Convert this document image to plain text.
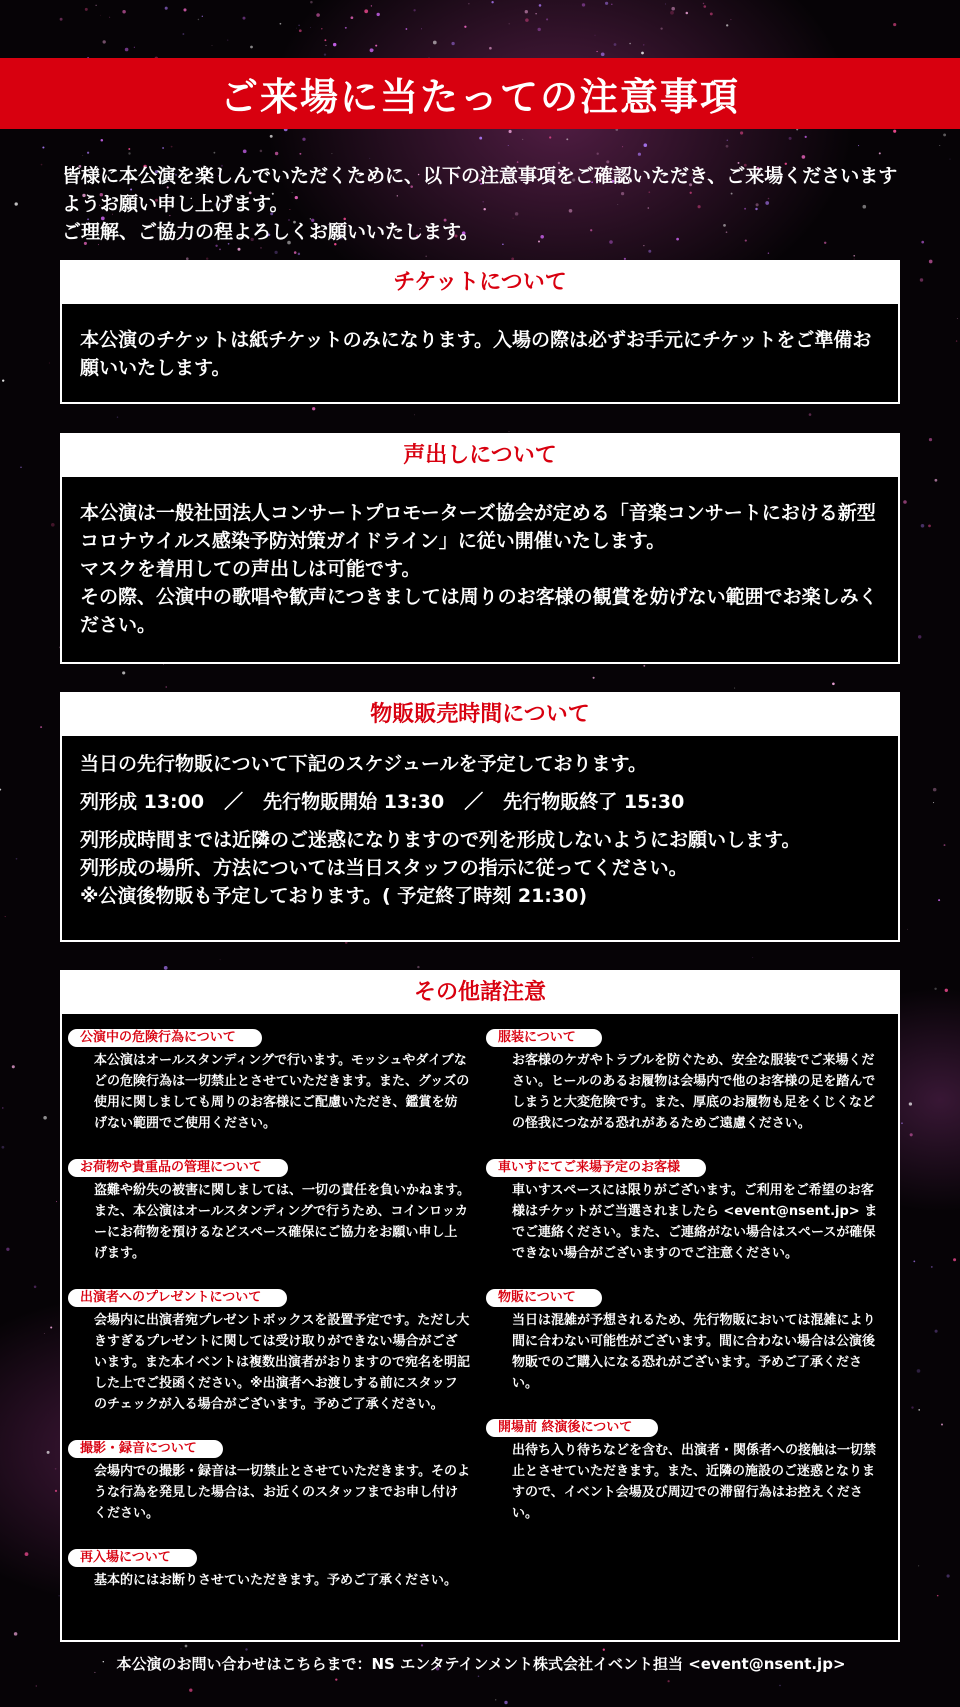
ご来場に当たっての注意事項

皆様に本公演を楽しんでいただくために、以下の注意事項をご確認いただき、ご来場くださいますようお願い申し上げます。

ご理解、ご協力の程よろしくお願いいたします。

チケットについて

本公演のチケットは紙チケットのみになります。入場の際は必ずお手元にチケットをご準備お願いいたします。

声出しについて

本公演は一般社団法人コンサートプロモーターズ協会が定める「音楽コンサートにおける新型コロナウイルス感染予防対策ガイドライン」に従い開催いたします。

マスクを着用しての声出しは可能です。

その際、公演中の歌唱や歓声につきましては周りのお客様の観賞を妨げない範囲でお楽しみください。

物販販売時間について

当日の先行物販について下記のスケジュールを予定しております。

列形成 13:00 ／ 先行物販開始 13:30 ／ 先行物販終了 15:30

列形成時間までは近隣のご迷惑になりますので列を形成しないようにお願いします。

列形成の場所、方法については当日スタッフの指示に従ってください。

※公演後物販も予定しております。( 予定終了時刻 21:30)

その他諸注意
公演中の危険行為について
本公演はオールスタンディングで行います。モッシュやダイブなどの危険行為は一切禁止とさせていただきます。また、グッズの使用に関しましても周りのお客様にご配慮いただき、鑑賞を妨げない範囲でご使用ください。
お荷物や貴重品の管理について
盗難や紛失の被害に関しましては、一切の責任を負いかねます。また、本公演はオールスタンディングで行うため、コインロッカーにお荷物を預けるなどスペース確保にご協力をお願い申し上げます。
出演者へのプレゼントについて
会場内に出演者宛プレゼントボックスを設置予定です。ただし大きすぎるプレゼントに関しては受け取りができない場合がございます。また本イベントは複数出演者がおりますので宛名を明記した上でご投函ください。※出演者へお渡しする前にスタッフのチェックが入る場合がございます。予めご了承ください。
撮影・録音について
会場内での撮影・録音は一切禁止とさせていただきます。そのような行為を発見した場合は、お近くのスタッフまでお申し付けください。
再入場について
基本的にはお断りさせていただきます。予めご了承ください。
服装について
お客様のケガやトラブルを防ぐため、安全な服装でご来場ください。ヒールのあるお履物は会場内で他のお客様の足を踏んでしまうと大変危険です。また、厚底のお履物も足をくじくなどの怪我につながる恐れがあるためご遠慮ください。
車いすにてご来場予定のお客様
車いすスペースには限りがございます。ご利用をご希望のお客様はチケットがご当選されましたら <event@nsent.jp> までご連絡ください。また、ご連絡がない場合はスペースが確保できない場合がございますのでご注意ください。
物販について
当日は混雑が予想されるため、先行物販においては混雑により間に合わない可能性がございます。間に合わない場合は公演後物販でのご購入になる恐れがございます。予めご了承ください。
開場前 終演後について
出待ち入り待ちなどを含む、出演者・関係者への接触は一切禁止とさせていただきます。また、近隣の施設のご迷惑となりますので、イベント会場及び周辺での滞留行為はお控えください。
本公演のお問い合わせはこちらまで：NS エンタテインメント株式会社イベント担当 <event@nsent.jp>
